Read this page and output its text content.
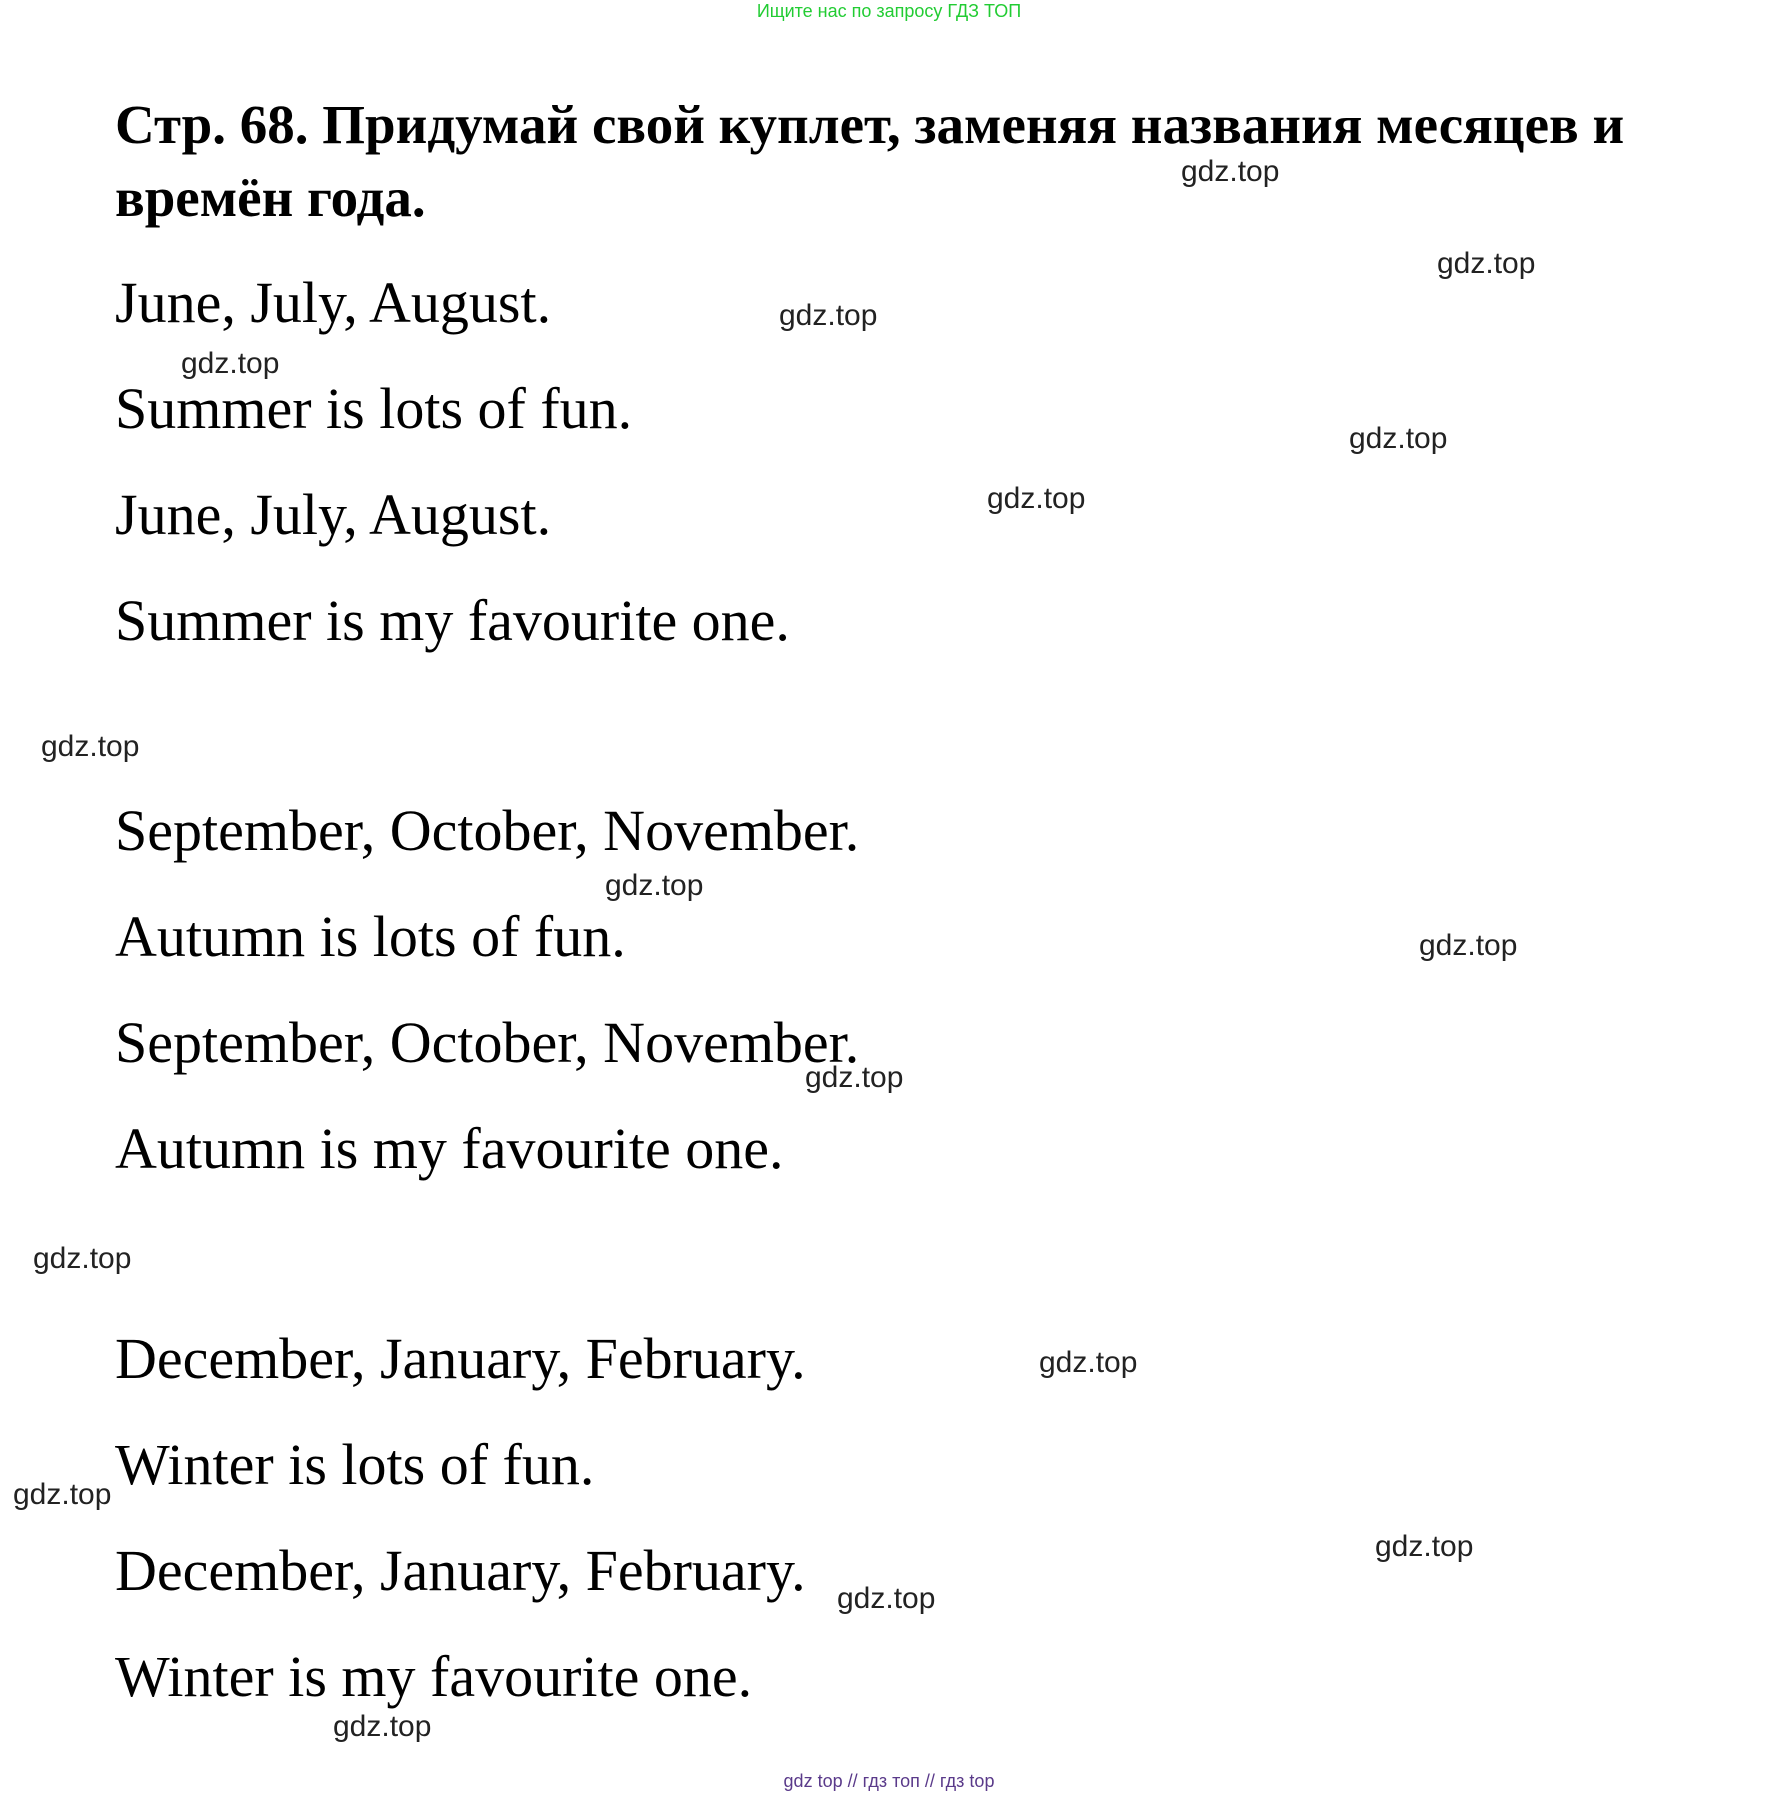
Ищите нас по запросу ГДЗ ТОП
Стр. 68. Придумай свой куплет, заменяя названия месяцев и
времён года.
June, July, August.
Summer is lots of fun.
June, July, August.
Summer is my favourite one.
September, October, November.
Autumn is lots of fun.
September, October, November.
Autumn is my favourite one.
December, January, February.
Winter is lots of fun.
December, January, February.
Winter is my favourite one.
gdz.top
gdz.top
gdz.top
gdz.top
gdz.top
gdz.top
gdz.top
gdz.top
gdz.top
gdz.top
gdz.top
gdz.top
gdz.top
gdz.top
gdz.top
gdz.top
gdz top // гдз топ // гдз top
